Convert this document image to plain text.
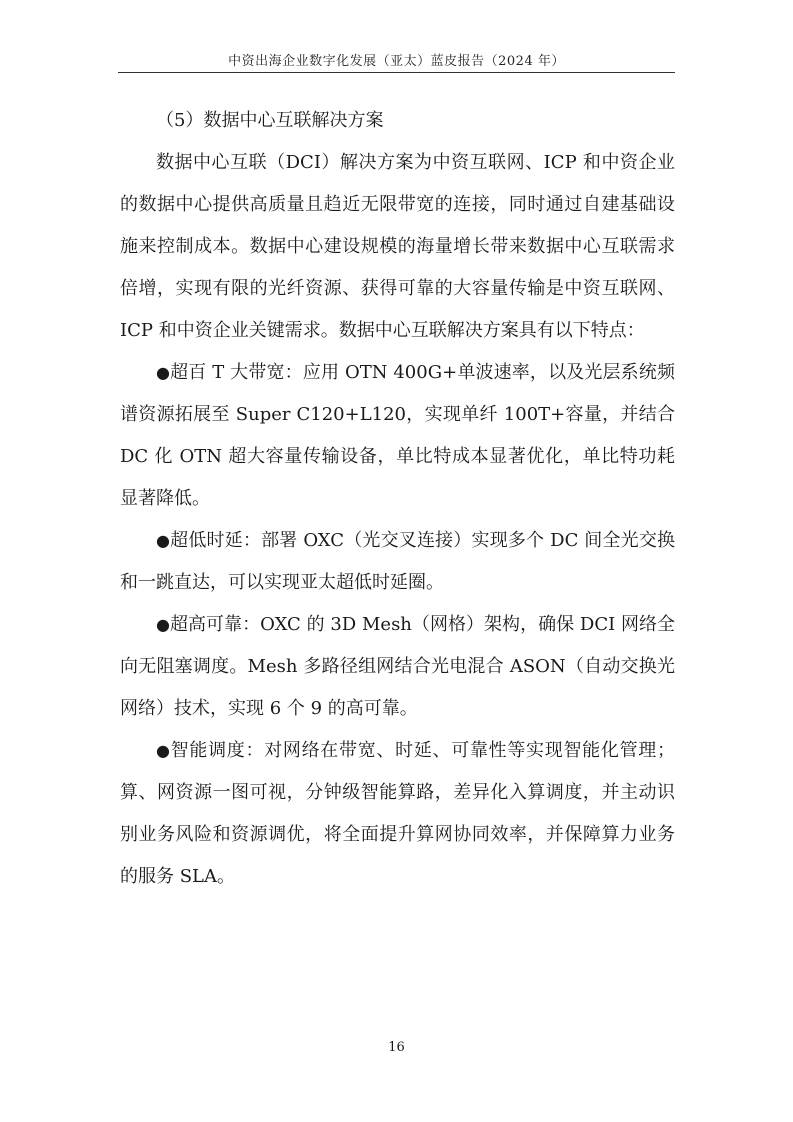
中资出海企业数字化发展（亚太）蓝皮报告（2024 年）

（5）数据中心互联解决方案

数据中心互联（DCI）解决方案为中资互联网、ICP 和中资企业的数据中心提供高质量且趋近无限带宽的连接，同时通过自建基础设施来控制成本。数据中心建设规模的海量增长带来数据中心互联需求倍增，实现有限的光纤资源、获得可靠的大容量传输是中资互联网、ICP 和中资企业关键需求。数据中心互联解决方案具有以下特点：

●超百 T 大带宽：应用 OTN 400G+单波速率，以及光层系统频谱资源拓展至 Super C120+L120，实现单纤 100T+容量，并结合 DC 化 OTN 超大容量传输设备，单比特成本显著优化，单比特功耗显著降低。

●超低时延：部署 OXC（光交叉连接）实现多个 DC 间全光交换和一跳直达，可以实现亚太超低时延圈。

●超高可靠：OXC 的 3D Mesh（网格）架构，确保 DCI 网络全向无阻塞调度。Mesh 多路径组网结合光电混合 ASON（自动交换光网络）技术，实现 6 个 9 的高可靠。

●智能调度：对网络在带宽、时延、可靠性等实现智能化管理；算、网资源一图可视，分钟级智能算路，差异化入算调度，并主动识别业务风险和资源调优，将全面提升算网协同效率，并保障算力业务的服务 SLA。

16
